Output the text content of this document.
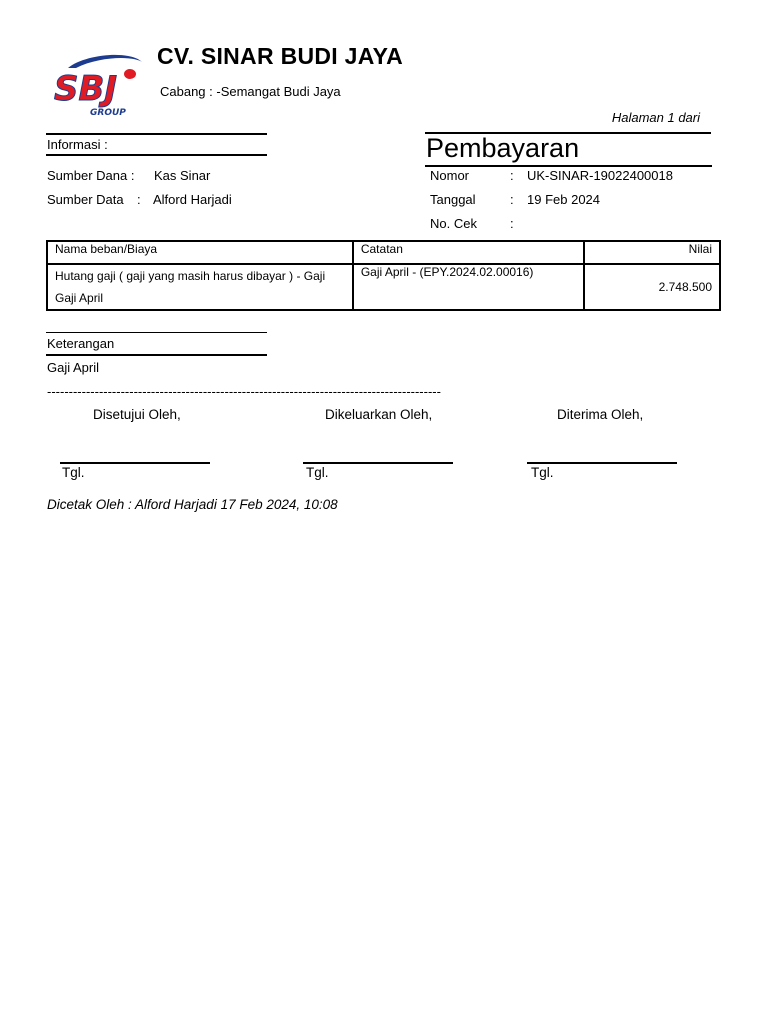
SBJ
GROUP
CV. SINAR BUDI JAYA
Cabang : -Semangat Budi Jaya
Halaman 1 dari
Informasi :
Sumber Dana : Kas Sinar
Sumber Data : Alford Harjadi
Pembayaran
Nomor	: UK-SINAR-19022400018
Tanggal	: 19 Feb 2024
No. Cek	:
Nama beban/Biaya	Catatan	Nilai
Hutang gaji ( gaji yang masih harus dibayar ) - Gaji Gaji April	Gaji April - (EPY.2024.02.00016)	2.748.500
Keterangan
Gaji April
-------------------------------------------------------------------------------------------
Disetujui Oleh,	Dikeluarkan Oleh,	Diterima Oleh,
Tgl.	Tgl.	Tgl.
Dicetak Oleh : Alford Harjadi 17 Feb 2024, 10:08
